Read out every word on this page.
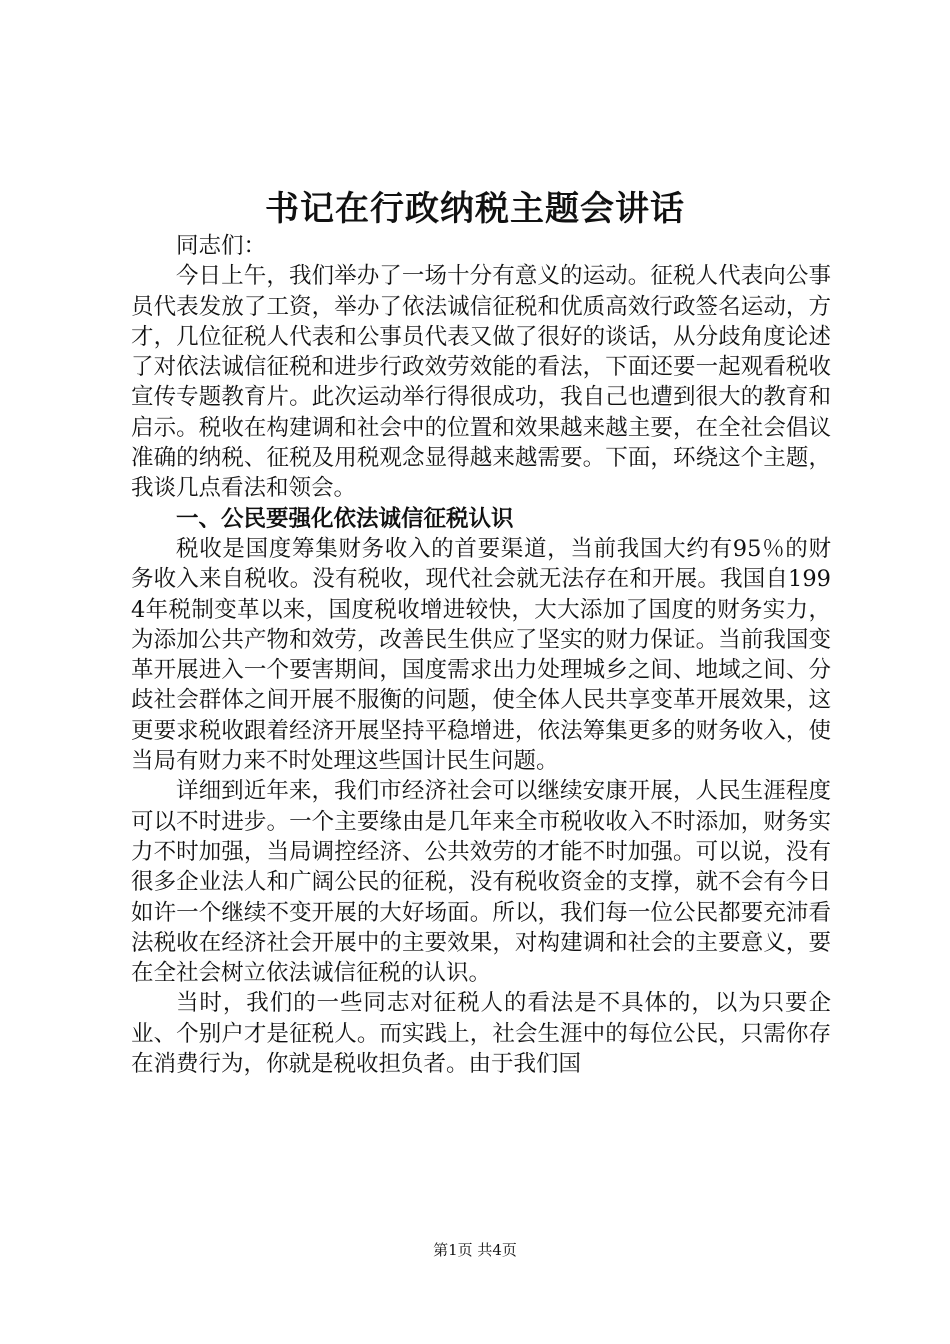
书记在行政纳税主题会讲话

同志们：

今日上午，我们举办了一场十分有意义的运动。征税人代表向公事员代表发放了工资，举办了依法诚信征税和优质高效行政签名运动，方才，几位征税人代表和公事员代表又做了很好的谈话，从分歧角度论述了对依法诚信征税和进步行政效劳效能的看法，下面还要一起观看税收宣传专题教育片。此次运动举行得很成功，我自己也遭到很大的教育和启示。税收在构建调和社会中的位置和效果越来越主要，在全社会倡议准确的纳税、征税及用税观念显得越来越需要。下面，环绕这个主题，我谈几点看法和领会。

一、公民要强化依法诚信征税认识

税收是国度筹集财务收入的首要渠道，当前我国大约有95％的财务收入来自税收。没有税收，现代社会就无法存在和开展。我国自1994年税制变革以来，国度税收增进较快，大大添加了国度的财务实力，为添加公共产物和效劳，改善民生供应了坚实的财力保证。当前我国变革开展进入一个要害期间，国度需求出力处理城乡之间、地域之间、分歧社会群体之间开展不服衡的问题，使全体人民共享变革开展效果，这更要求税收跟着经济开展坚持平稳增进，依法筹集更多的财务收入，使当局有财力来不时处理这些国计民生问题。

详细到近年来，我们市经济社会可以继续安康开展，人民生涯程度可以不时进步。一个主要缘由是几年来全市税收收入不时添加，财务实力不时加强，当局调控经济、公共效劳的才能不时加强。可以说，没有很多企业法人和广阔公民的征税，没有税收资金的支撑，就不会有今日如许一个继续不变开展的大好场面。所以，我们每一位公民都要充沛看法税收在经济社会开展中的主要效果，对构建调和社会的主要意义，要在全社会树立依法诚信征税的认识。

当时，我们的一些同志对征税人的看法是不具体的，以为只要企业、个别户才是征税人。而实践上，社会生涯中的每位公民，只需你存在消费行为，你就是税收担负者。由于我们国

第1页 共4页
